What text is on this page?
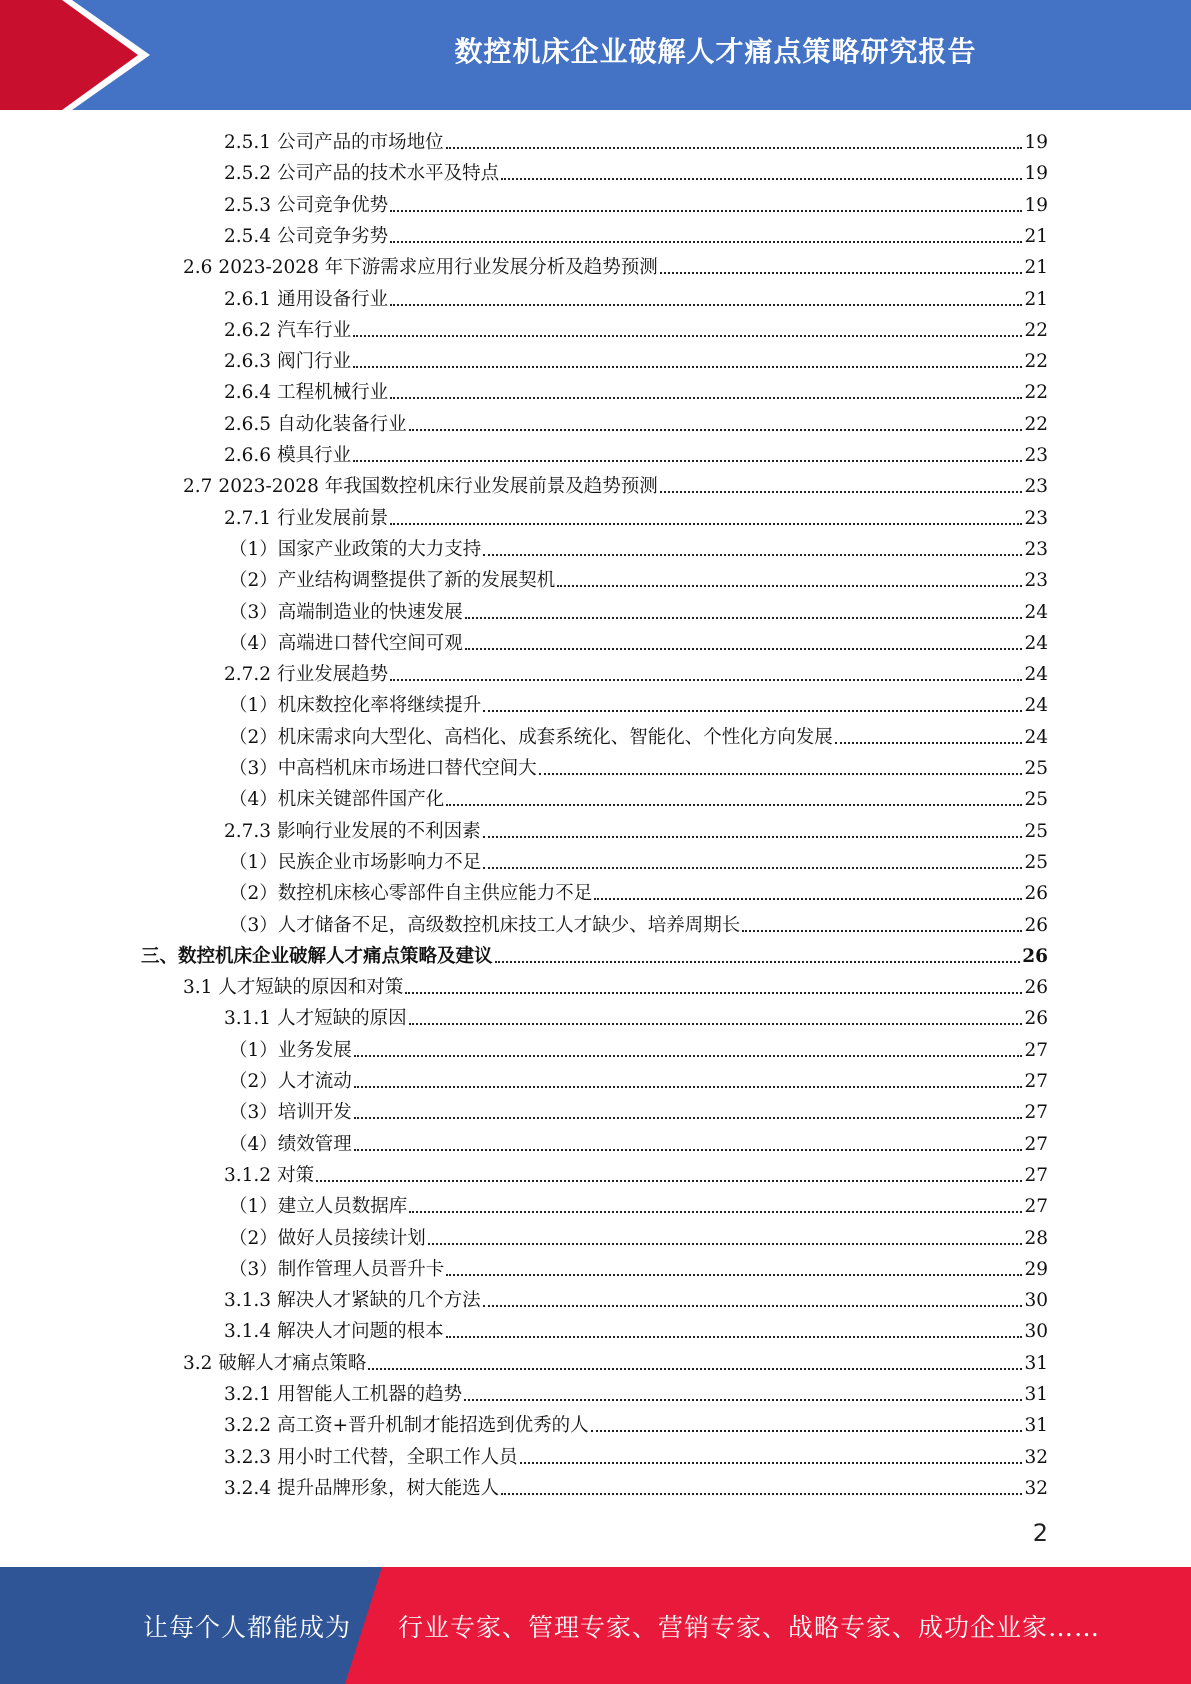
数控机床企业破解人才痛点策略研究报告
2.5.1 公司产品的市场地位	19
2.5.2 公司产品的技术水平及特点	19
2.5.3 公司竞争优势	19
2.5.4 公司竞争劣势	21
2.6 2023-2028 年下游需求应用行业发展分析及趋势预测	21
2.6.1 通用设备行业	21
2.6.2 汽车行业	22
2.6.3 阀门行业	22
2.6.4 工程机械行业	22
2.6.5 自动化装备行业	22
2.6.6 模具行业	23
2.7 2023-2028 年我国数控机床行业发展前景及趋势预测	23
2.7.1 行业发展前景	23
（1）国家产业政策的大力支持	23
（2）产业结构调整提供了新的发展契机	23
（3）高端制造业的快速发展	24
（4）高端进口替代空间可观	24
2.7.2 行业发展趋势	24
（1）机床数控化率将继续提升	24
（2）机床需求向大型化、高档化、成套系统化、智能化、个性化方向发展	24
（3）中高档机床市场进口替代空间大	25
（4）机床关键部件国产化	25
2.7.3 影响行业发展的不利因素	25
（1）民族企业市场影响力不足	25
（2）数控机床核心零部件自主供应能力不足	26
（3）人才储备不足，高级数控机床技工人才缺少、培养周期长	26
三、数控机床企业破解人才痛点策略及建议	26
3.1 人才短缺的原因和对策	26
3.1.1 人才短缺的原因	26
（1）业务发展	27
（2）人才流动	27
（3）培训开发	27
（4）绩效管理	27
3.1.2 对策	27
（1）建立人员数据库	27
（2）做好人员接续计划	28
（3）制作管理人员晋升卡	29
3.1.3 解决人才紧缺的几个方法	30
3.1.4 解决人才问题的根本	30
3.2 破解人才痛点策略	31
3.2.1 用智能人工机器的趋势	31
3.2.2 高工资+晋升机制才能招选到优秀的人	31
3.2.3 用小时工代替，全职工作人员	32
3.2.4 提升品牌形象，树大能选人	32
2
让每个人都能成为 行业专家、管理专家、营销专家、战略专家、成功企业家……
